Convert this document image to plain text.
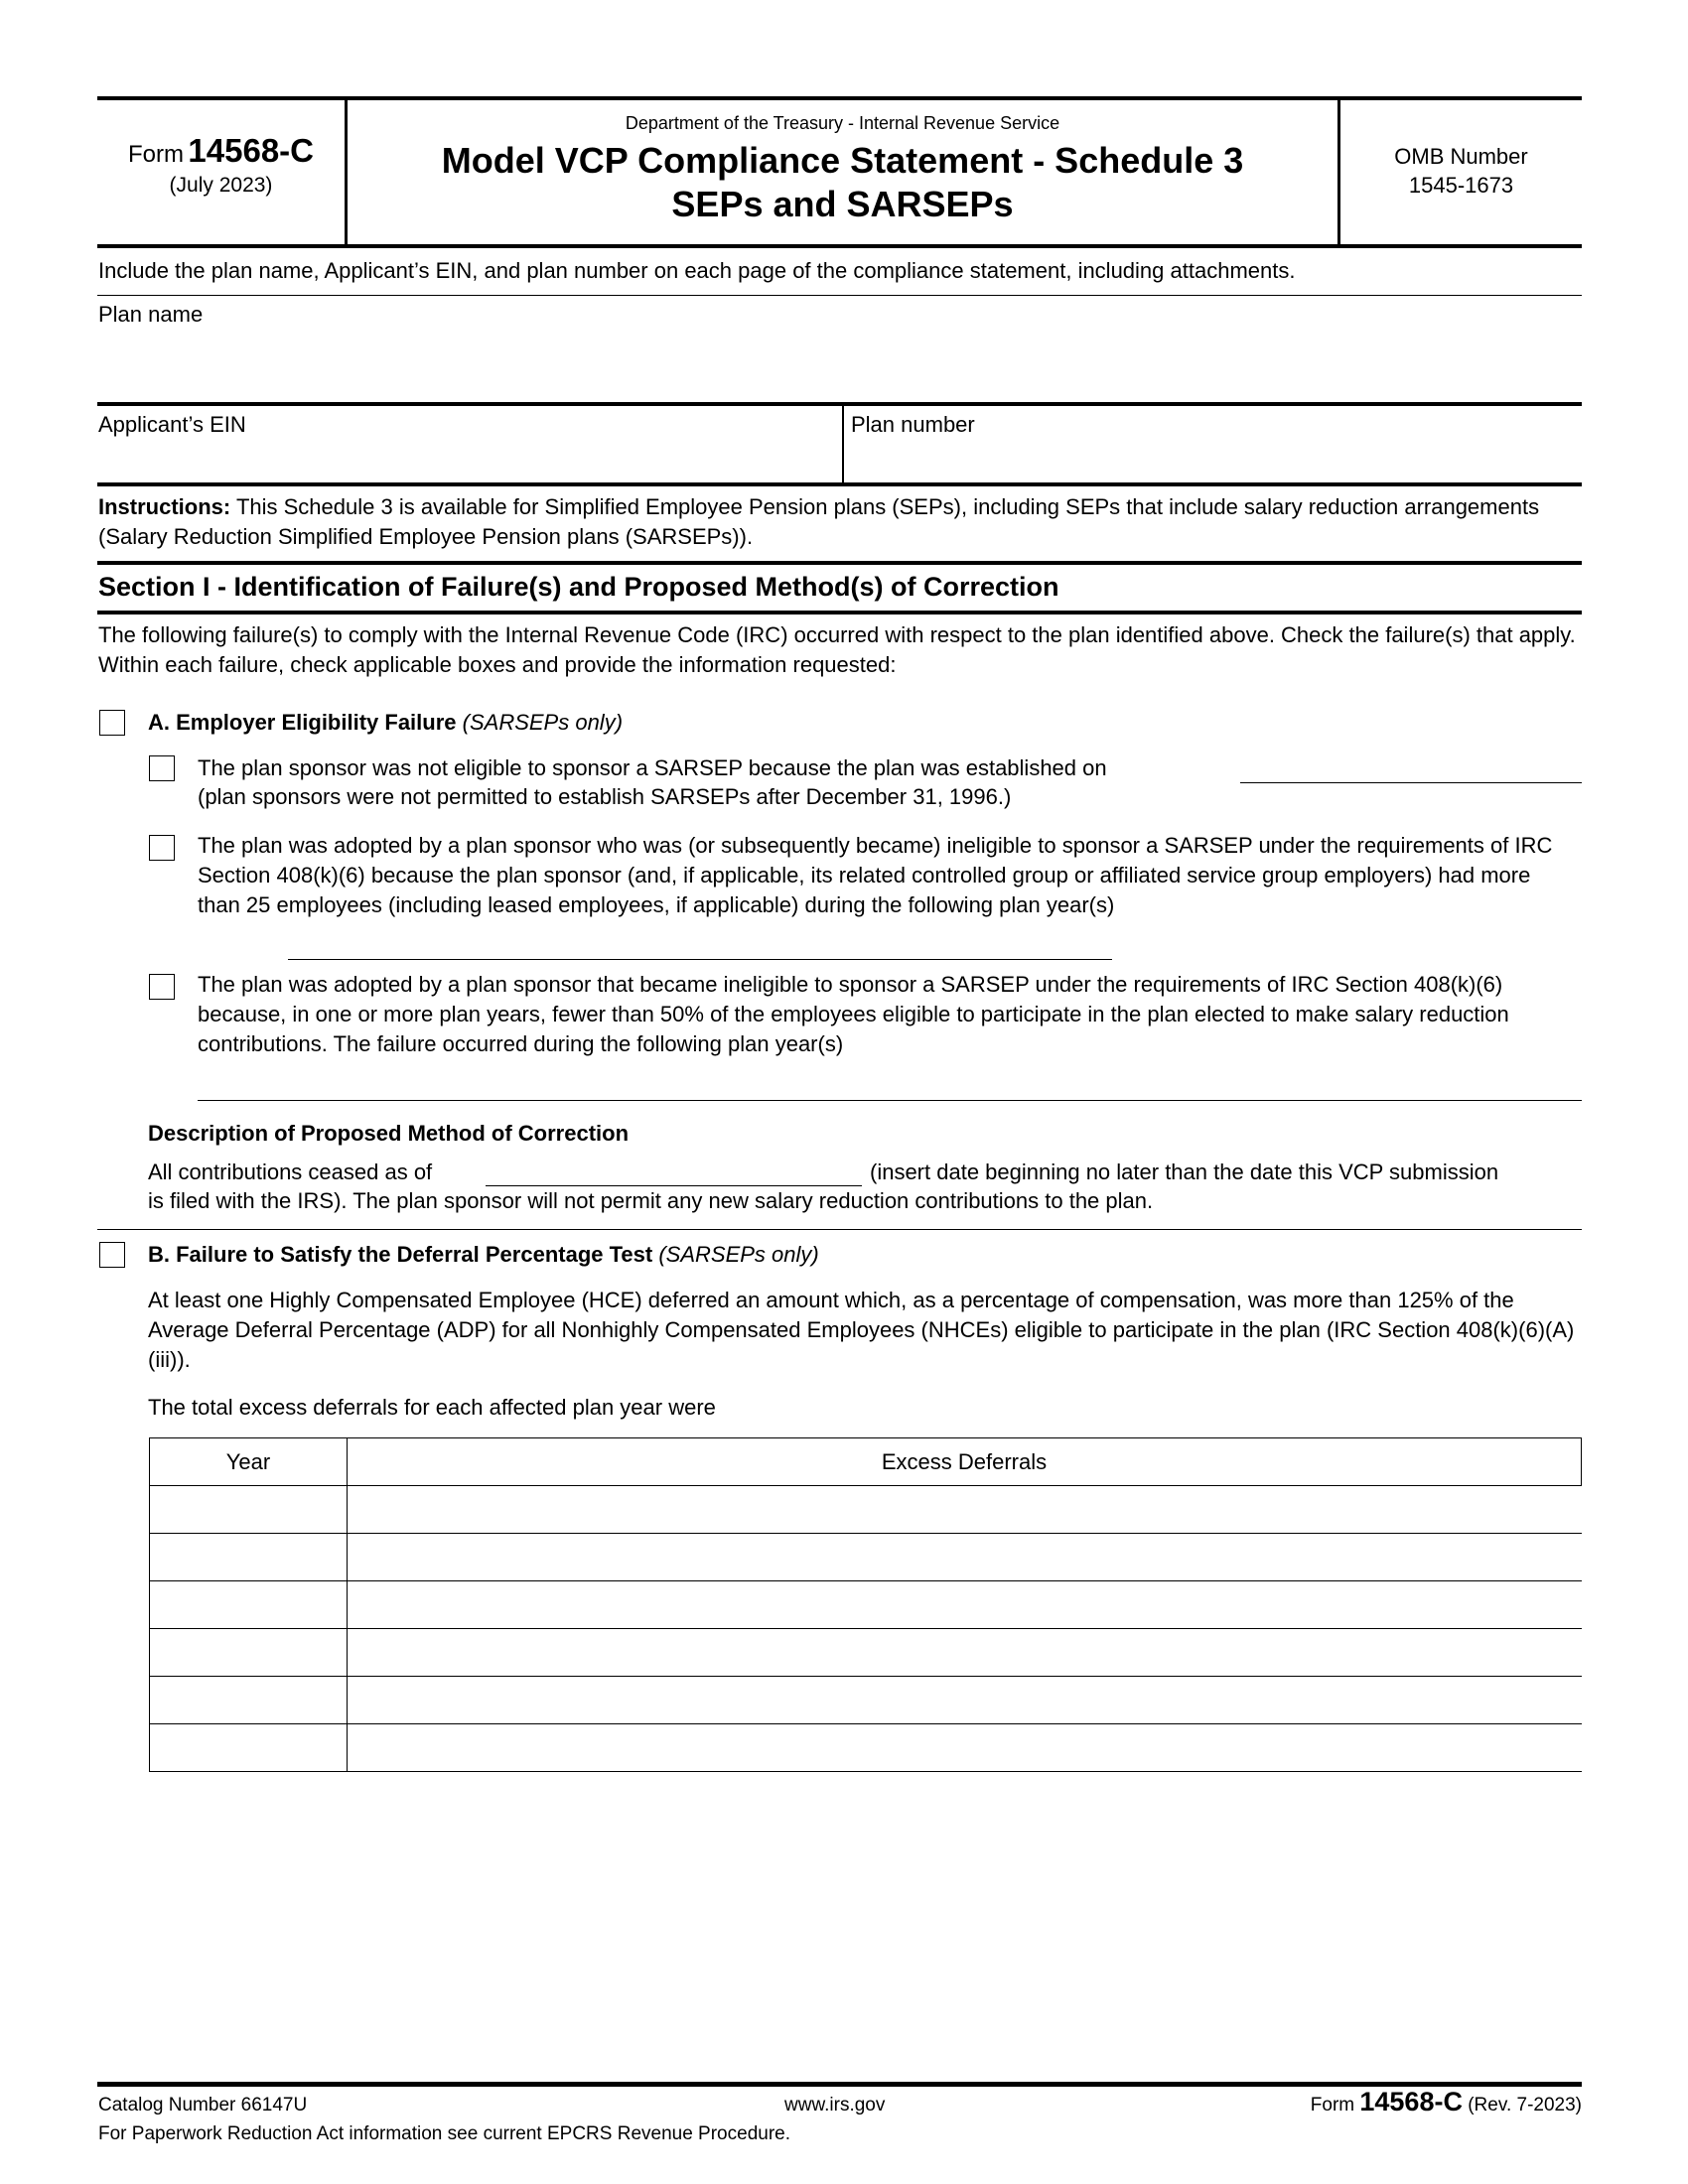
Form 14568-C
(July 2023)
Department of the Treasury - Internal Revenue Service
Model VCP Compliance Statement - Schedule 3
SEPs and SARSEPs
OMB Number
1545-1673
Include the plan name, Applicant’s EIN, and plan number on each page of the compliance statement, including attachments.
Plan name
Applicant’s EIN	Plan number
Instructions: This Schedule 3 is available for Simplified Employee Pension plans (SEPs), including SEPs that include salary reduction arrangements (Salary Reduction Simplified Employee Pension plans (SARSEPs)).
Section I - Identification of Failure(s) and Proposed Method(s) of Correction
The following failure(s) to comply with the Internal Revenue Code (IRC) occurred with respect to the plan identified above. Check the failure(s) that apply. Within each failure, check applicable boxes and provide the information requested:
A. Employer Eligibility Failure (SARSEPs only)
The plan sponsor was not eligible to sponsor a SARSEP because the plan was established on
(plan sponsors were not permitted to establish SARSEPs after December 31, 1996.)
The plan was adopted by a plan sponsor who was (or subsequently became) ineligible to sponsor a SARSEP under the requirements of IRC Section 408(k)(6) because the plan sponsor (and, if applicable, its related controlled group or affiliated service group employers) had more than 25 employees (including leased employees, if applicable) during the following plan year(s)
The plan was adopted by a plan sponsor that became ineligible to sponsor a SARSEP under the requirements of IRC Section 408(k)(6) because, in one or more plan years, fewer than 50% of the employees eligible to participate in the plan elected to make salary reduction contributions. The failure occurred during the following plan year(s)
Description of Proposed Method of Correction
All contributions ceased as of	(insert date beginning no later than the date this VCP submission
is filed with the IRS). The plan sponsor will not permit any new salary reduction contributions to the plan.
B. Failure to Satisfy the Deferral Percentage Test (SARSEPs only)
At least one Highly Compensated Employee (HCE) deferred an amount which, as a percentage of compensation, was more than 125% of the Average Deferral Percentage (ADP) for all Nonhighly Compensated Employees (NHCEs) eligible to participate in the plan (IRC Section 408(k)(6)(A)(iii)).
The total excess deferrals for each affected plan year were
Year	Excess Deferrals

Catalog Number 66147U	www.irs.gov	Form 14568-C (Rev. 7-2023)
For Paperwork Reduction Act information see current EPCRS Revenue Procedure.
